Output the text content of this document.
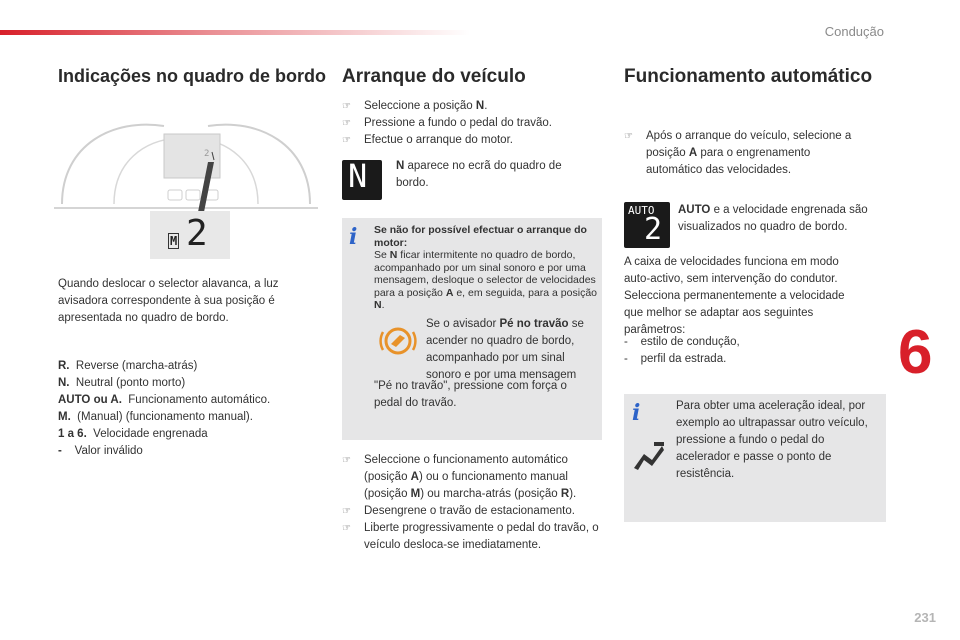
Condução
6
231
Indicações no quadro de bordo
2
M 2

Quando deslocar o selector alavanca, a luz avisadora correspondente à sua posição é apresentada no quadro de bordo.

R. Reverse (marcha-atrás)
N. Neutral (ponto morto)
AUTO ou A. Funcionamento automático.
M. (Manual) (funcionamento manual).
1 a 6. Velocidade engrenada
- Valor inválido
Arranque do veículo
☞ Seleccione a posição N.
☞ Pressione a fundo o pedal do travão.
☞ Efectue o arranque do motor.
N	N aparece no ecrã do quadro de bordo.

i Se não for possível efectuar o arranque do motor:
Se N ficar intermitente no quadro de bordo, acompanhado por um sinal sonoro e por uma mensagem, desloque o selector de velocidades para a posição A e, em seguida, para a posição N.

Se o avisador Pé no travão se acender no quadro de bordo, acompanhado por um sinal sonoro e por uma mensagem

"Pé no travão", pressione com força o pedal do travão.

☞ Seleccione o funcionamento automático (posição A) ou o funcionamento manual (posição M) ou marcha-atrás (posição R).
☞ Desengrene o travão de estacionamento.
☞ Liberte progressivamente o pedal do travão, o veículo desloca-se imediatamente.
Funcionamento automático
☞ Após o arranque do veículo, selecione a posição A para o engrenamento automático das velocidades.
AUTO
2

AUTO e a velocidade engrenada são visualizados no quadro de bordo.

A caixa de velocidades funciona em modo auto-activo, sem intervenção do condutor. Selecciona permanentemente a velocidade que melhor se adaptar aos seguintes parâmetros:

-    estilo de condução,
-    perfil da estrada.
i	Para obter uma aceleração ideal, por exemplo ao ultrapassar outro veículo, pressione a fundo o pedal do acelerador e passe o ponto de resistência.
